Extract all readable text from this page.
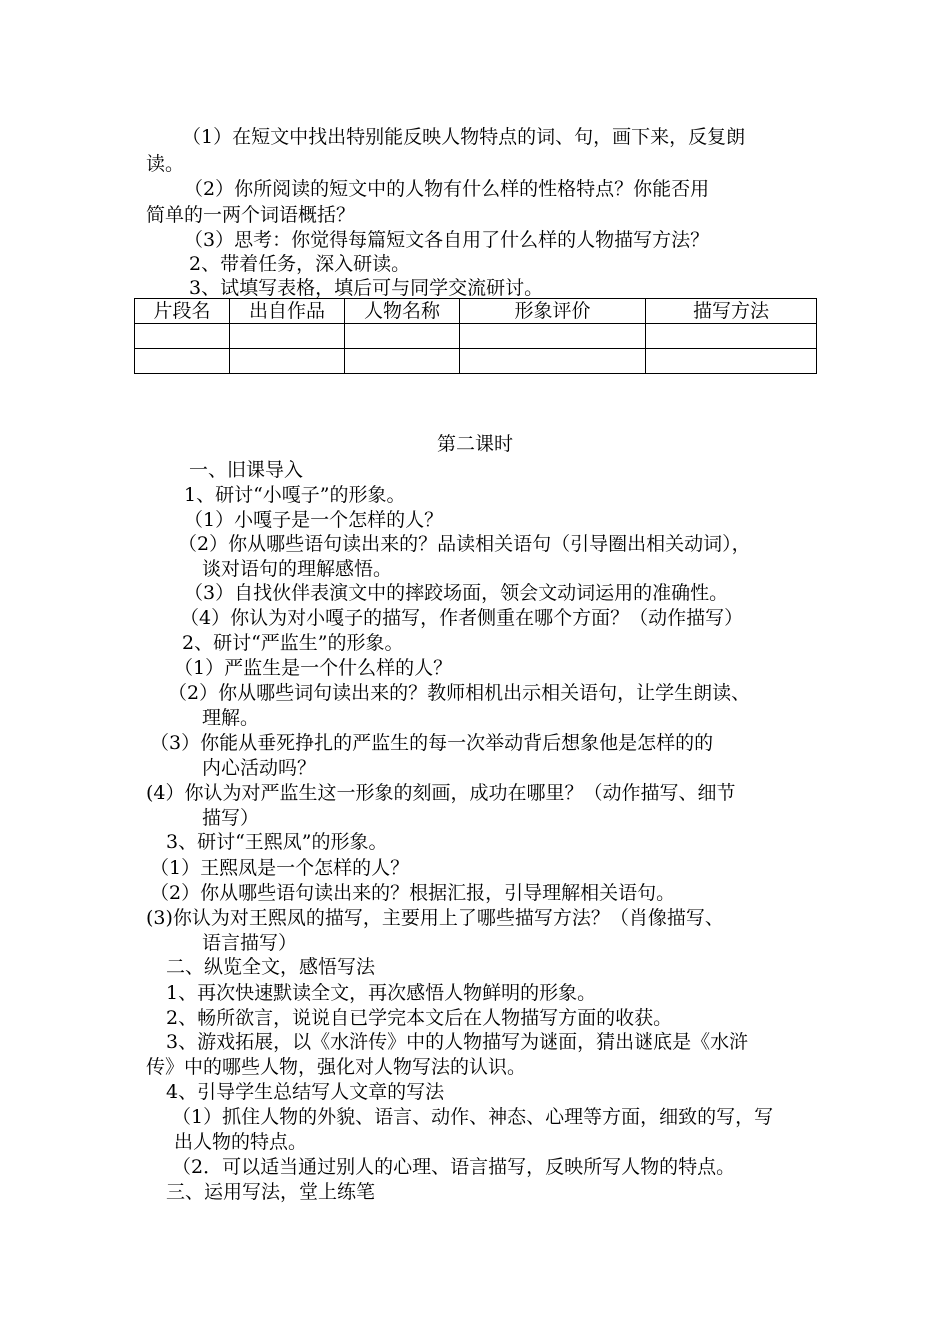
（1）在短文中找出特别能反映人物特点的词、句，画下来，反复朗
读。
（2）你所阅读的短文中的人物有什么样的性格特点？你能否用
简单的一两个词语概括？
（3）思考：你觉得每篇短文各自用了什么样的人物描写方法？
2、带着任务，深入研读。
3、试填写表格，填后可与同学交流研讨。
片段名	出自作品	人物名称	形象评价	描写方法

第二课时
一、旧课导入
1、研讨“小嘎子”的形象。
（1）小嘎子是一个怎样的人？
（2）你从哪些语句读出来的？品读相关语句（引导圈出相关动词），
谈对语句的理解感悟。
（3）自找伙伴表演文中的摔跤场面，领会文动词运用的准确性。
（4）你认为对小嘎子的描写，作者侧重在哪个方面？（动作描写）
2、研讨“严监生”的形象。
（1）严监生是一个什么样的人？
（2）你从哪些词句读出来的？教师相机出示相关语句，让学生朗读、
理解。
（3）你能从垂死挣扎的严监生的每一次举动背后想象他是怎样的的
内心活动吗？
(4）你认为对严监生这一形象的刻画，成功在哪里？（动作描写、细节
描写）
3、研讨“王熙凤”的形象。
（1）王熙凤是一个怎样的人？
（2）你从哪些语句读出来的？根据汇报，引导理解相关语句。
(3)你认为对王熙凤的描写，主要用上了哪些描写方法？（肖像描写、
语言描写）
二、纵览全文，感悟写法
1、再次快速默读全文，再次感悟人物鲜明的形象。
2、畅所欲言，说说自已学完本文后在人物描写方面的收获。
3、游戏拓展，以《水浒传》中的人物描写为谜面，猜出谜底是《水浒
传》中的哪些人物，强化对人物写法的认识。
4、引导学生总结写人文章的写法
（1）抓住人物的外貌、语言、动作、神态、心理等方面，细致的写，写
出人物的特点。
（2．可以适当通过别人的心理、语言描写，反映所写人物的特点。
三、运用写法，堂上练笔
